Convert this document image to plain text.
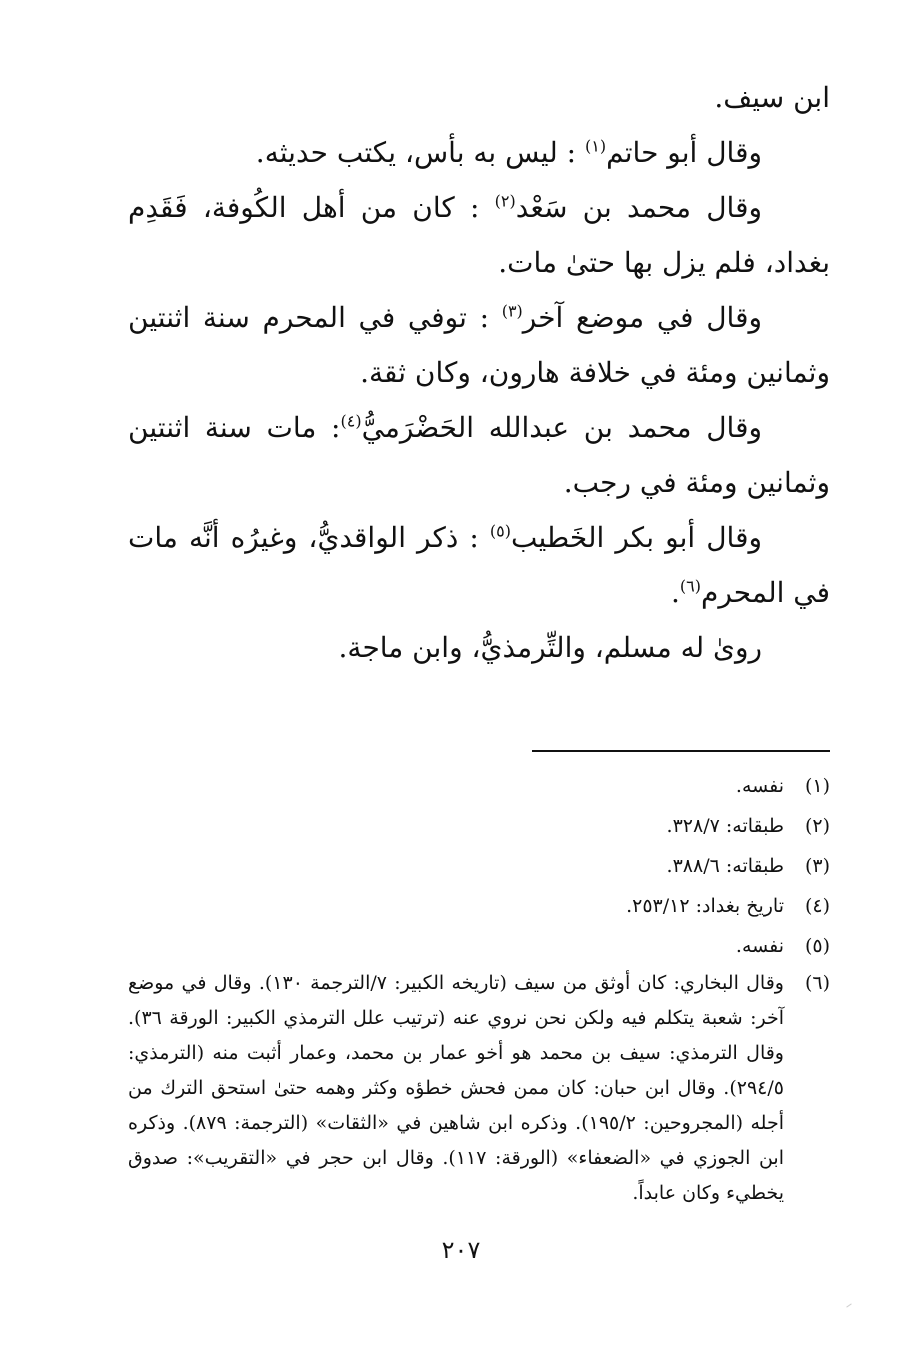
ابن سيف.

وقال أبو حاتم$^{(١)}$ : ليس به بأس، يكتب حديثه.

وقال محمد بن سَعْد$^{(٢)}$ : كان من أهل الكُوفة، فَقَدِم بغداد، فلم يزل بها حتىٰ مات.

وقال في موضع آخر$^{(٣)}$ : توفي في المحرم سنة اثنتين وثمانين ومئة في خلافة هارون، وكان ثقة.

وقال محمد بن عبدالله الحَضْرَميُّ$^{(٤)}$: مات سنة اثنتين وثمانين ومئة في رجب.

وقال أبو بكر الخَطيب$^{(٥)}$ : ذكر الواقديُّ، وغيرُه أنَّه مات في المحرم$^{(٦)}$.

رویٰ له مسلم، والتِّرمذيُّ، وابن ماجة.

(١)
نفسه.
(٢)
طبقاته: ٣٢٨/٧.
(٣)
طبقاته: ٣٨٨/٦.
(٤)
تاريخ بغداد: ٢٥٣/١٢.
(٥)
نفسه.
(٦)
وقال البخاري: كان أوثق من سيف (تاريخه الكبير: ٧/الترجمة ١٣٠). وقال في موضع آخر: شعبة يتكلم فيه ولكن نحن نروي عنه (ترتيب علل الترمذي الكبير: الورقة ٣٦). وقال الترمذي: سيف بن محمد هو أخو عمار بن محمد، وعمار أثبت منه (الترمذي: ٢٩٤/٥). وقال ابن حبان: كان ممن فحش خطؤه وكثر وهمه حتىٰ استحق الترك من أجله (المجروحين: ١٩٥/٢). وذكره ابن شاهين في «الثقات» (الترجمة: ٨٧٩). وذكره ابن الجوزي في «الضعفاء» (الورقة: ١١٧). وقال ابن حجر في «التقريب»: صدوق يخطيء وكان عابداً.
٢٠٧
